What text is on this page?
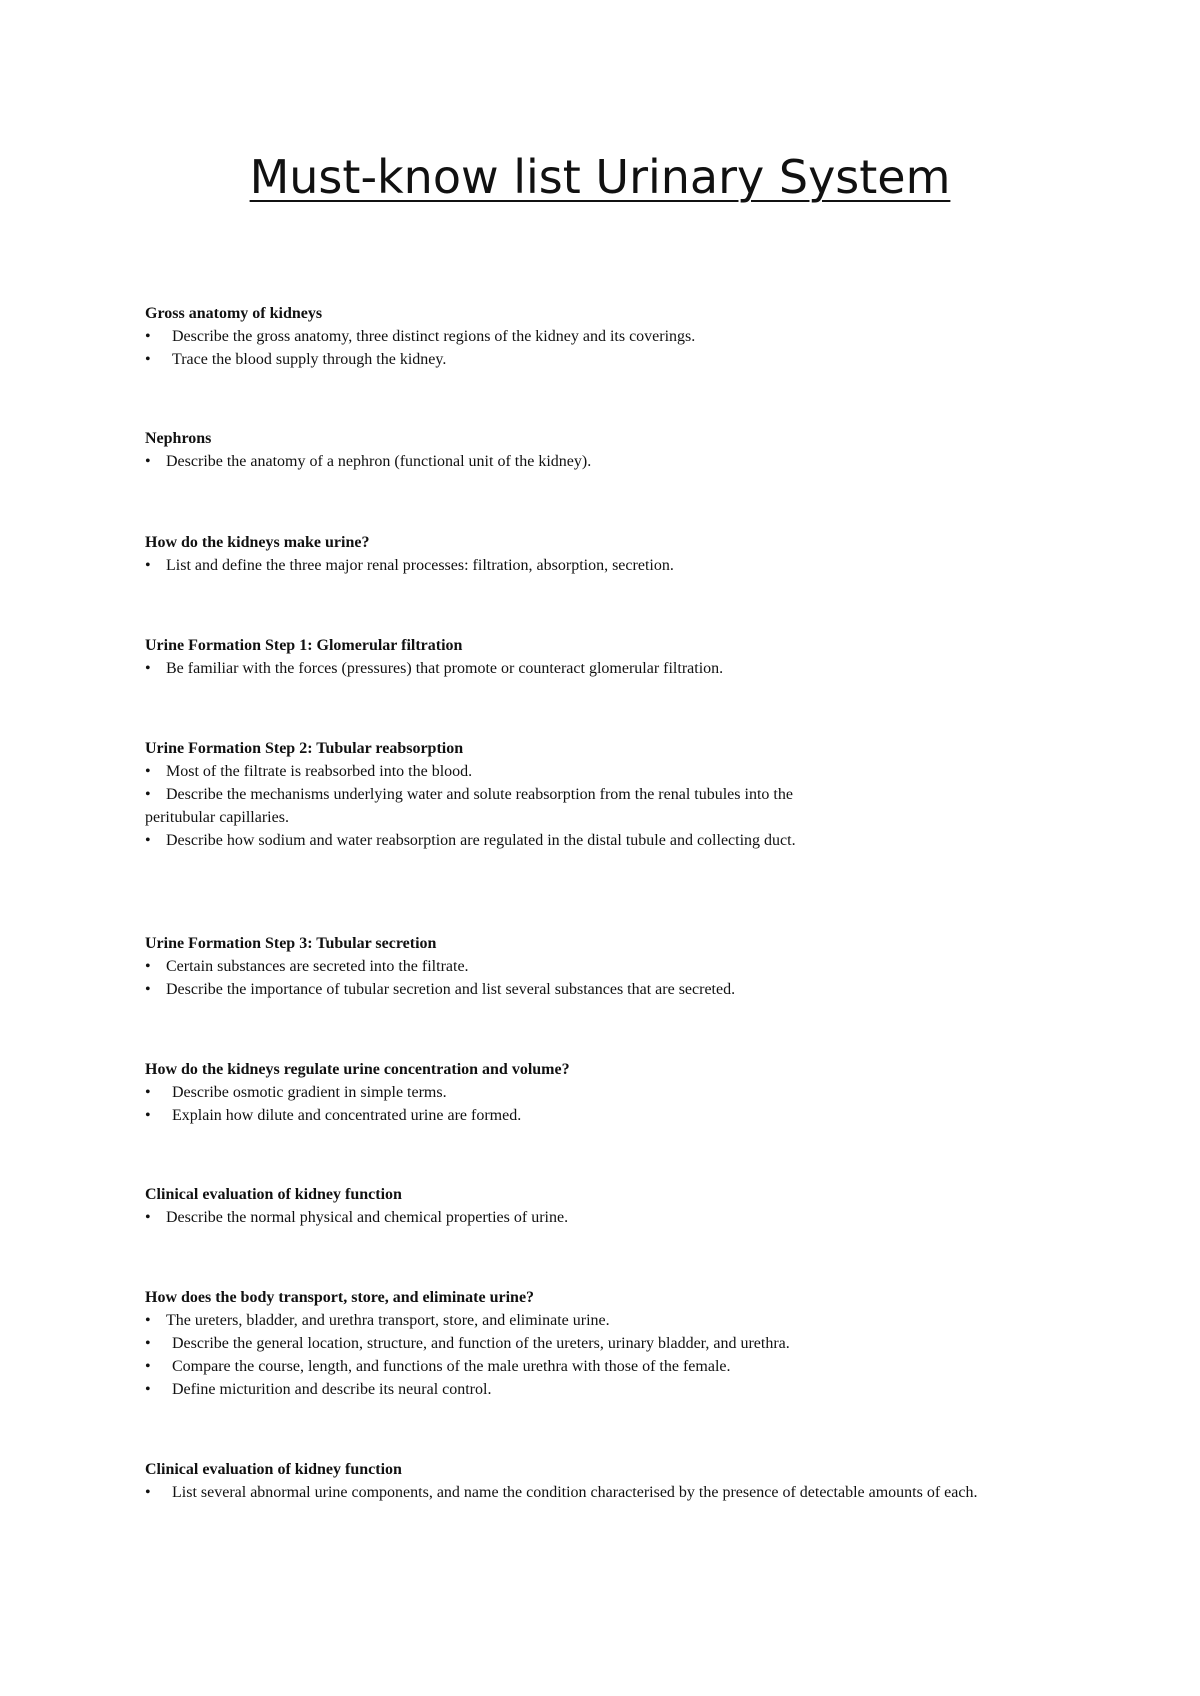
Must-know list Urinary System
Gross anatomy of kidneys

• Describe the gross anatomy, three distinct regions of the kidney and its coverings.

• Trace the blood supply through the kidney.

Nephrons

• Describe the anatomy of a nephron (functional unit of the kidney).

How do the kidneys make urine?

• List and define the three major renal processes: filtration, absorption, secretion.

Urine Formation Step 1: Glomerular filtration

• Be familiar with the forces (pressures) that promote or counteract glomerular filtration.

Urine Formation Step 2: Tubular reabsorption

• Most of the filtrate is reabsorbed into the blood.

• Describe the mechanisms underlying water and solute reabsorption from the renal tubules into the peritubular capillaries.

• Describe how sodium and water reabsorption are regulated in the distal tubule and collecting duct.

Urine Formation Step 3: Tubular secretion

• Certain substances are secreted into the filtrate.

• Describe the importance of tubular secretion and list several substances that are secreted.

How do the kidneys regulate urine concentration and volume?

• Describe osmotic gradient in simple terms.

• Explain how dilute and concentrated urine are formed.

Clinical evaluation of kidney function

• Describe the normal physical and chemical properties of urine.

How does the body transport, store, and eliminate urine?

• The ureters, bladder, and urethra transport, store, and eliminate urine.

• Describe the general location, structure, and function of the ureters, urinary bladder, and urethra.

• Compare the course, length, and functions of the male urethra with those of the female.

• Define micturition and describe its neural control.

Clinical evaluation of kidney function

• List several abnormal urine components, and name the condition characterised by the presence of detectable amounts of each.
